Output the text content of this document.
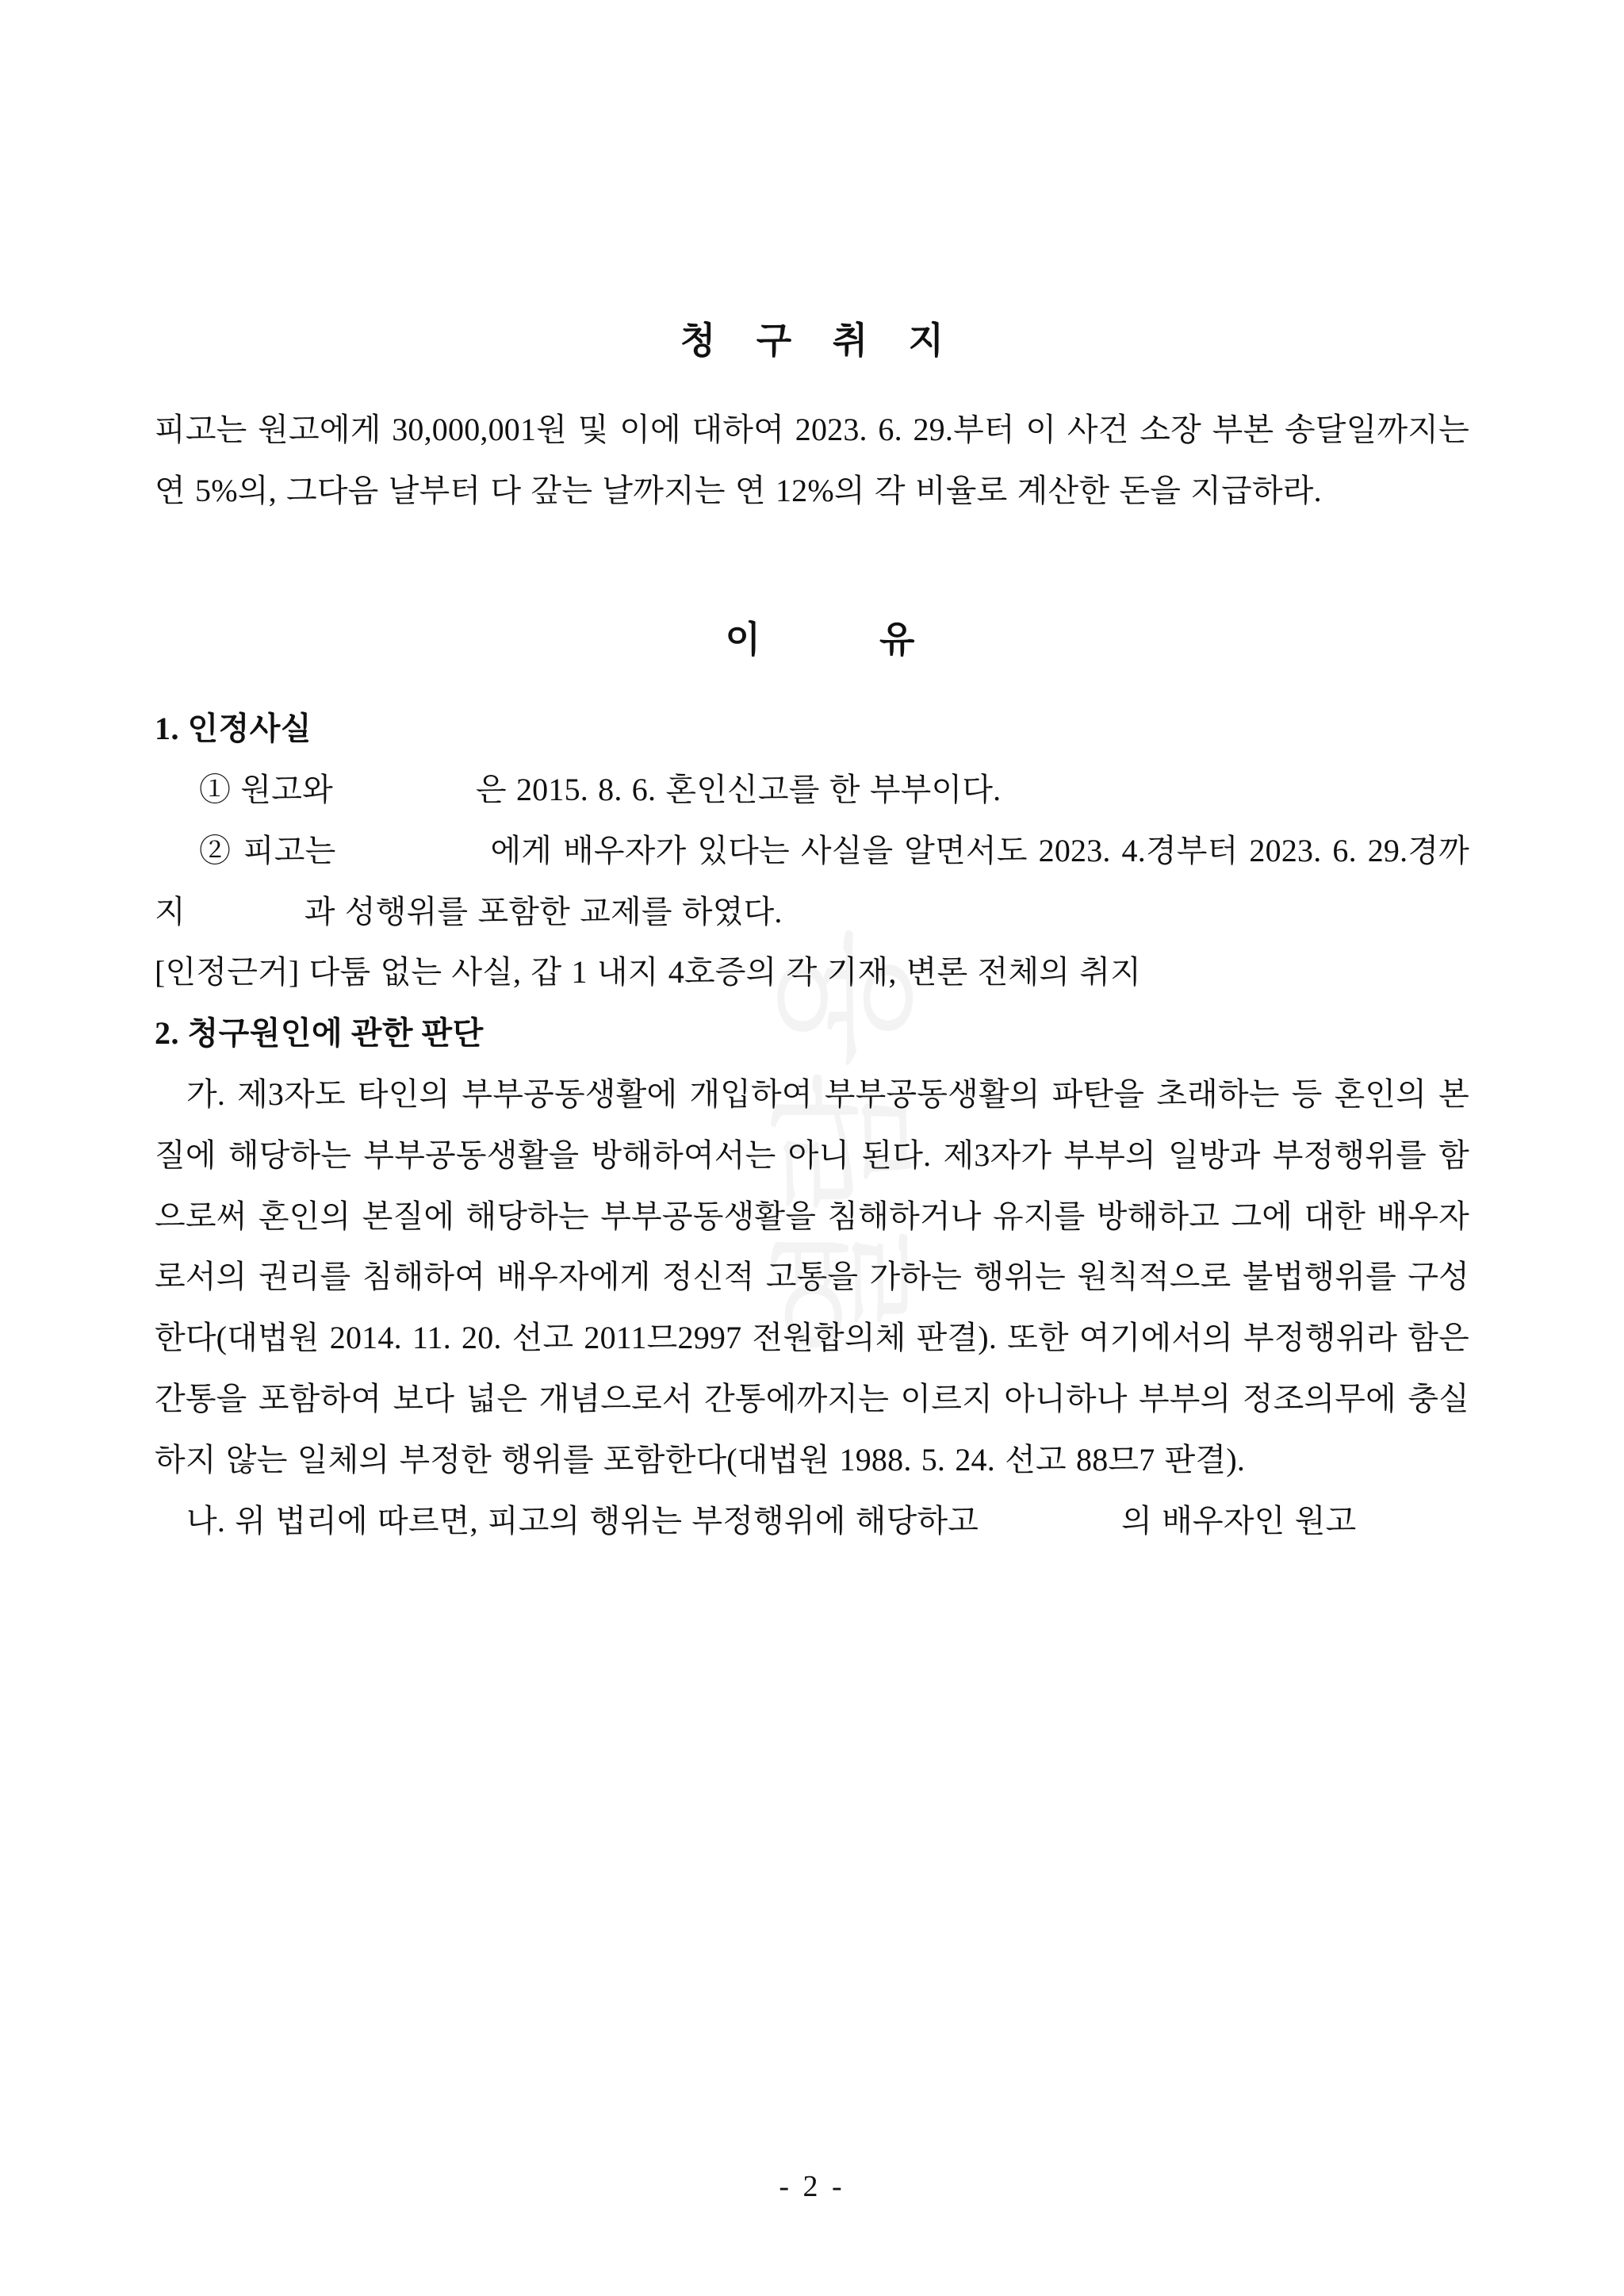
청 구 취 지

피고는 원고에게 30,000,001원 및 이에 대하여 2023. 6. 29.부터 이 사건 소장 부본 송달일까지는 연 5%의, 그다음 날부터 다 갚는 날까지는 연 12%의 각 비율로 계산한 돈을 지급하라.

이	유

1. 인정사실

① 원고와	은 2015. 8. 6. 혼인신고를 한 부부이다.

② 피고는	에게 배우자가 있다는 사실을 알면서도 2023. 4.경부터 2023. 6. 29.경까지	과 성행위를 포함한 교제를 하였다.

[인정근거] 다툼 없는 사실, 갑 1 내지 4호증의 각 기재, 변론 전체의 취지

2. 청구원인에 관한 판단

가. 제3자도 타인의 부부공동생활에 개입하여 부부공동생활의 파탄을 초래하는 등 혼인의 본질에 해당하는 부부공동생활을 방해하여서는 아니 된다. 제3자가 부부의 일방과 부정행위를 함으로써 혼인의 본질에 해당하는 부부공동생활을 침해하거나 유지를 방해하고 그에 대한 배우자로서의 권리를 침해하여 배우자에게 정신적 고통을 가하는 행위는 원칙적으로 불법행위를 구성한다(대법원 2014. 11. 20. 선고 2011므2997 전원합의체 판결). 또한 여기에서의 부정행위라 함은 간통을 포함하여 보다 넓은 개념으로서 간통에까지는 이르지 아니하나 부부의 정조의무에 충실하지 않는 일체의 부정한 행위를 포함한다(대법원 1988. 5. 24. 선고 88므7 판결).

나. 위 법리에 따르면, 피고의 행위는 부정행위에 해당하고	의 배우자인 원고

- 2 -
